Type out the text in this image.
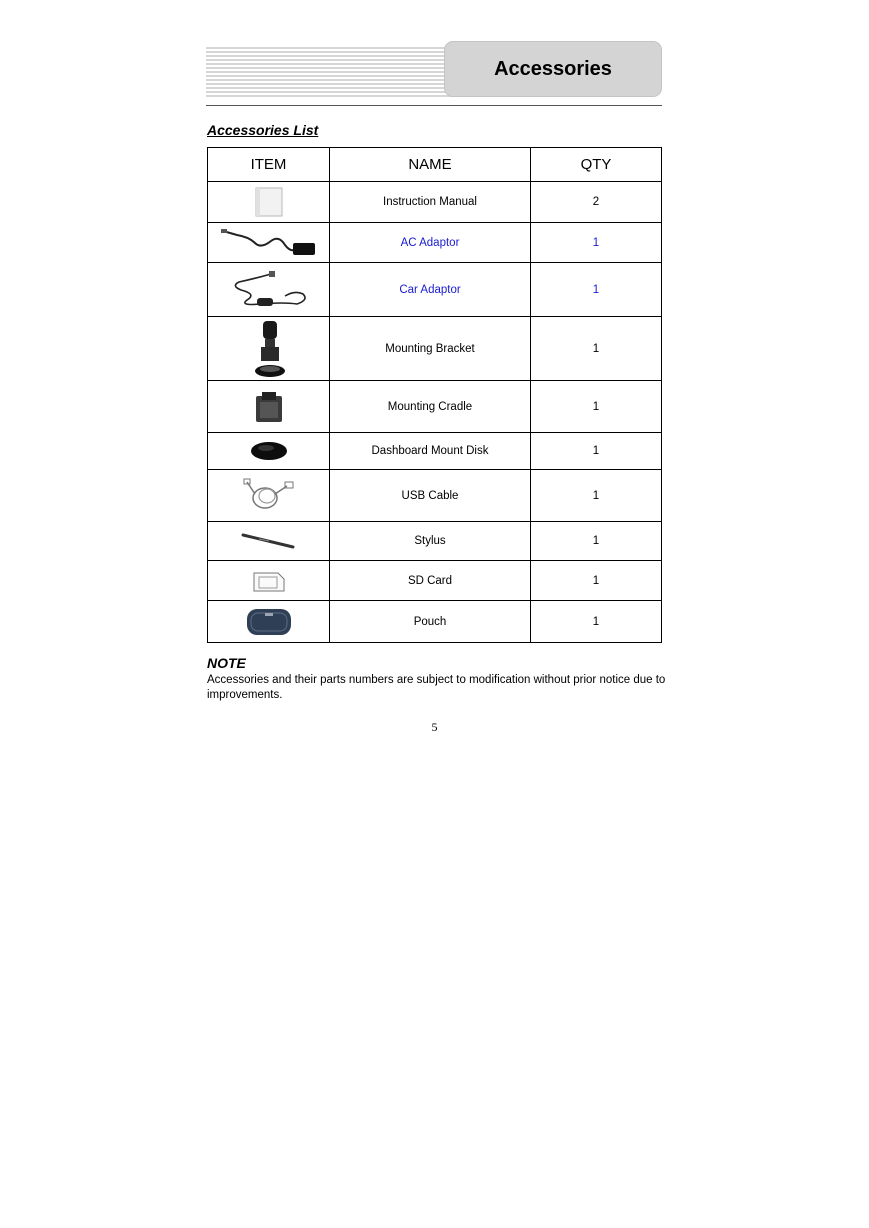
Accessories
Accessories List
ITEM	NAME	QTY

	Instruction Manual	2

	AC Adaptor	1

	Car Adaptor	1

	Mounting Bracket	1

	Mounting Cradle	1

	Dashboard Mount Disk	1

	USB Cable	1

	Stylus	1

	SD Card	1

	Pouch	1
NOTE
Accessories and their parts numbers are subject to modification without prior notice due to improvements.
5
